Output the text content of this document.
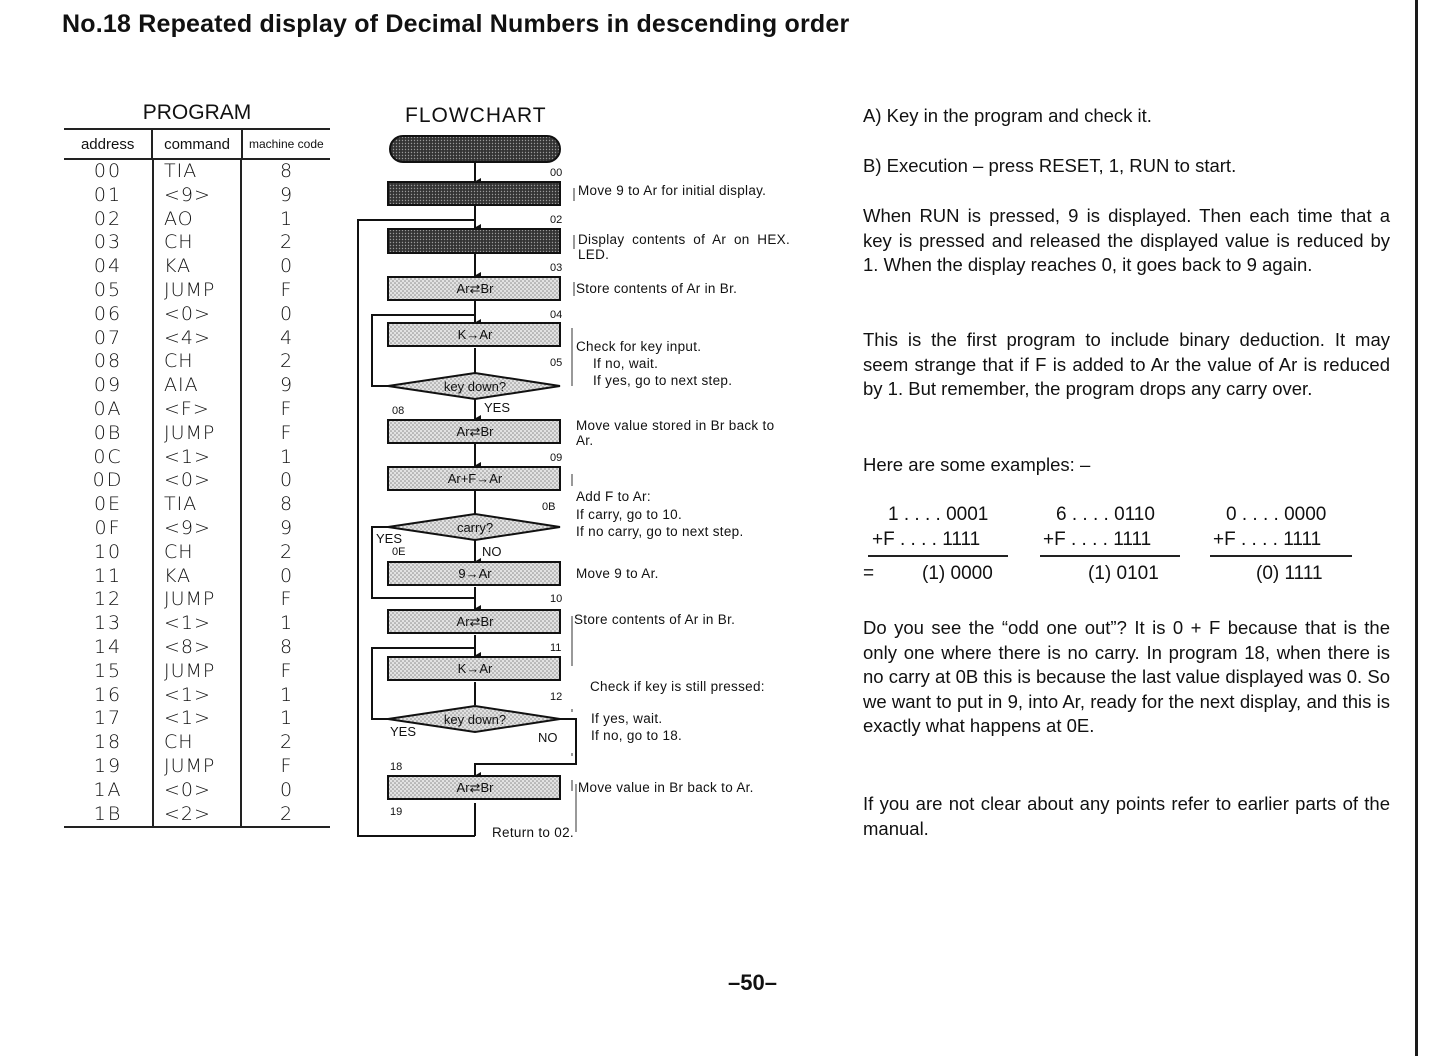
No.18 Repeated display of Decimal Numbers in descending order
PROGRAM
address	command	machine code
00	TIA	8
01	<9>	9
02	AO	1
03	CH	2
04	KA	0
05	JUMP	F
06	<0>	0
07	<4>	4
08	CH	2
09	AIA	9
0A	<F>	F
0B	JUMP	F
0C	<1>	1
0D	<0>	0
0E	TIA	8
0F	<9>	9
10	CH	2
11	KA	0
12	JUMP	F
13	<1>	1
14	<8>	8
15	JUMP	F
16	<1>	1
17	<1>	1
18	CH	2
19	JUMP	F
1A	<0>	0
1B	<2>	2
FLOWCHART
Ar⇄Br
K→Ar
Ar⇄Br
Ar+F→Ar
9→Ar
Ar⇄Br
K→Ar
Ar⇄Br
key down?
carry?
key down?
00
02
03
04
05
08
09
0B
0E
10
11
12
18
19
YES
YES
NO
YES	NO
Move 9 to Ar for initial display.
Display contents of Ar on HEX. LED.
Store contents of Ar in Br.
Check for key input.
If no, wait.
If yes, go to next step.
Move value stored in Br back to Ar.
Add F to Ar:
If carry, go to 10.
If no carry, go to next step.
Move 9 to Ar.
Store contents of Ar in Br.
Check if key is still pressed:
If yes, wait.
If no, go to 18.
Move value in Br back to Ar.
Return to 02.
A) Key in the program and check it.
B) Execution – press RESET, 1, RUN to start.
When RUN is pressed, 9 is displayed. Then each time that a key is pressed and released the displayed value is reduced by 1. When the display reaches 0, it goes back to 9 again.
This is the first program to include binary deduction. It may seem strange that if F is added to Ar the value of Ar is reduced by 1. But remember, the program drops any carry over.
Here are some examples: –
1 . . . . 0001
+F . . . . 1111
=	(1) 0000
6 . . . . 0110
+F . . . . 1111
(1) 0101
0 . . . . 0000
+F . . . . 1111
(0) 1111
Do you see the “odd one out”? It is 0 + F because that is the only one where there is no carry. In program 18, when there is no carry at 0B this is because the last value displayed was 0. So we want to put in 9, into Ar, ready for the next display, and this is exactly what happens at 0E.
If you are not clear about any points refer to earlier parts of the manual.
–50–
